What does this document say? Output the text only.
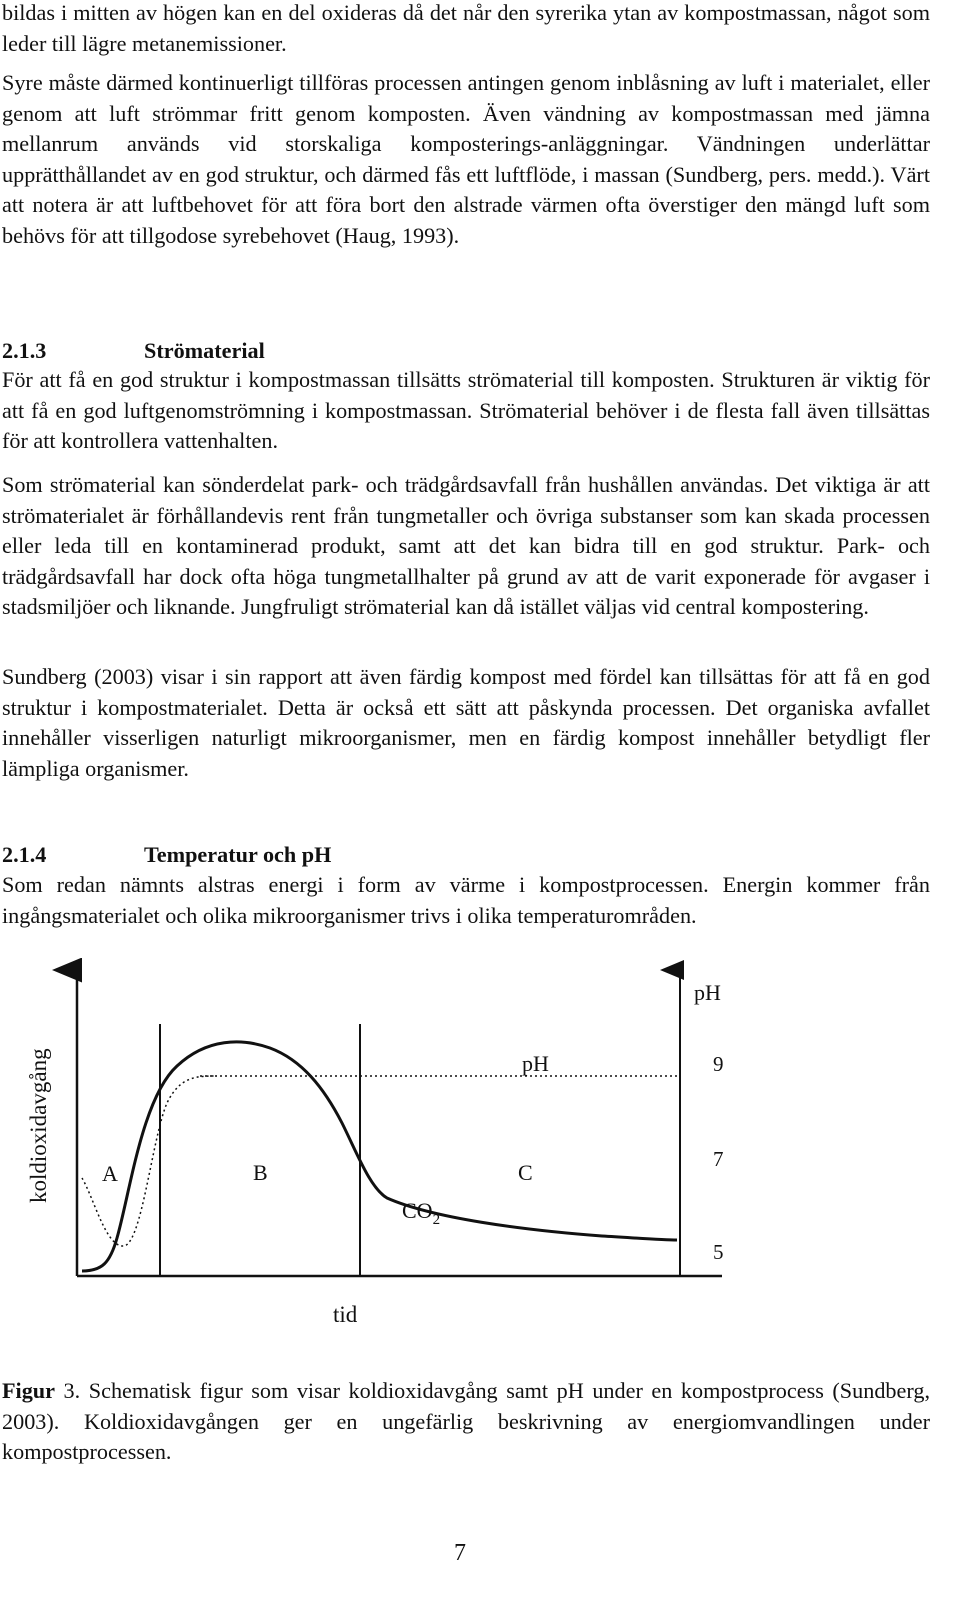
bildas i mitten av högen kan en del oxideras då det når den syrerika ytan av kompostmassan, något som leder till lägre metanemissioner.

Syre måste därmed kontinuerligt tillföras processen antingen genom inblåsning av luft i materialet, eller genom att luft strömmar fritt genom komposten. Även vändning av kompostmassan med jämna mellanrum används vid storskaliga komposterings-anläggningar. Vändningen underlättar upprätthållandet av en god struktur, och därmed fås ett luftflöde, i massan (Sundberg, pers. medd.). Värt att notera är att luftbehovet för att föra bort den alstrade värmen ofta överstiger den mängd luft som behövs för att tillgodose syrebehovet (Haug, 1993).

2.1.3	Strömaterial

För att få en god struktur i kompostmassan tillsätts strömaterial till komposten. Strukturen är viktig för att få en god luftgenomströmning i kompostmassan. Strömaterial behöver i de flesta fall även tillsättas för att kontrollera vattenhalten.

Som strömaterial kan sönderdelat park- och trädgårdsavfall från hushållen användas. Det viktiga är att strömaterialet är förhållandevis rent från tungmetaller och övriga substanser som kan skada processen eller leda till en kontaminerad produkt, samt att det kan bidra till en god struktur. Park- och trädgårdsavfall har dock ofta höga tungmetallhalter på grund av att de varit exponerade för avgaser i stadsmiljöer och liknande. Jungfruligt strömaterial kan då istället väljas vid central kompostering.

Sundberg (2003) visar i sin rapport att även färdig kompost med fördel kan tillsättas för att få en god struktur i kompostmaterialet. Detta är också ett sätt att påskynda processen. Det organiska avfallet innehåller visserligen naturligt mikroorganismer, men en färdig kompost innehåller betydligt fler lämpliga organismer.

2.1.4	Temperatur och pH

Som redan nämnts alstras energi i form av värme i kompostprocessen. Energin kommer från ingångsmaterialet och olika mikroorganismer trivs i olika temperaturområden.

koldioxidavgång
tid
pH
9
7
5
A	B	C
pH
$CO_2$

Figur 3. Schematisk figur som visar koldioxidavgång samt pH under en kompostprocess (Sundberg, 2003). Koldioxidavgången ger en ungefärlig beskrivning av energiomvandlingen under kompostprocessen.

7
